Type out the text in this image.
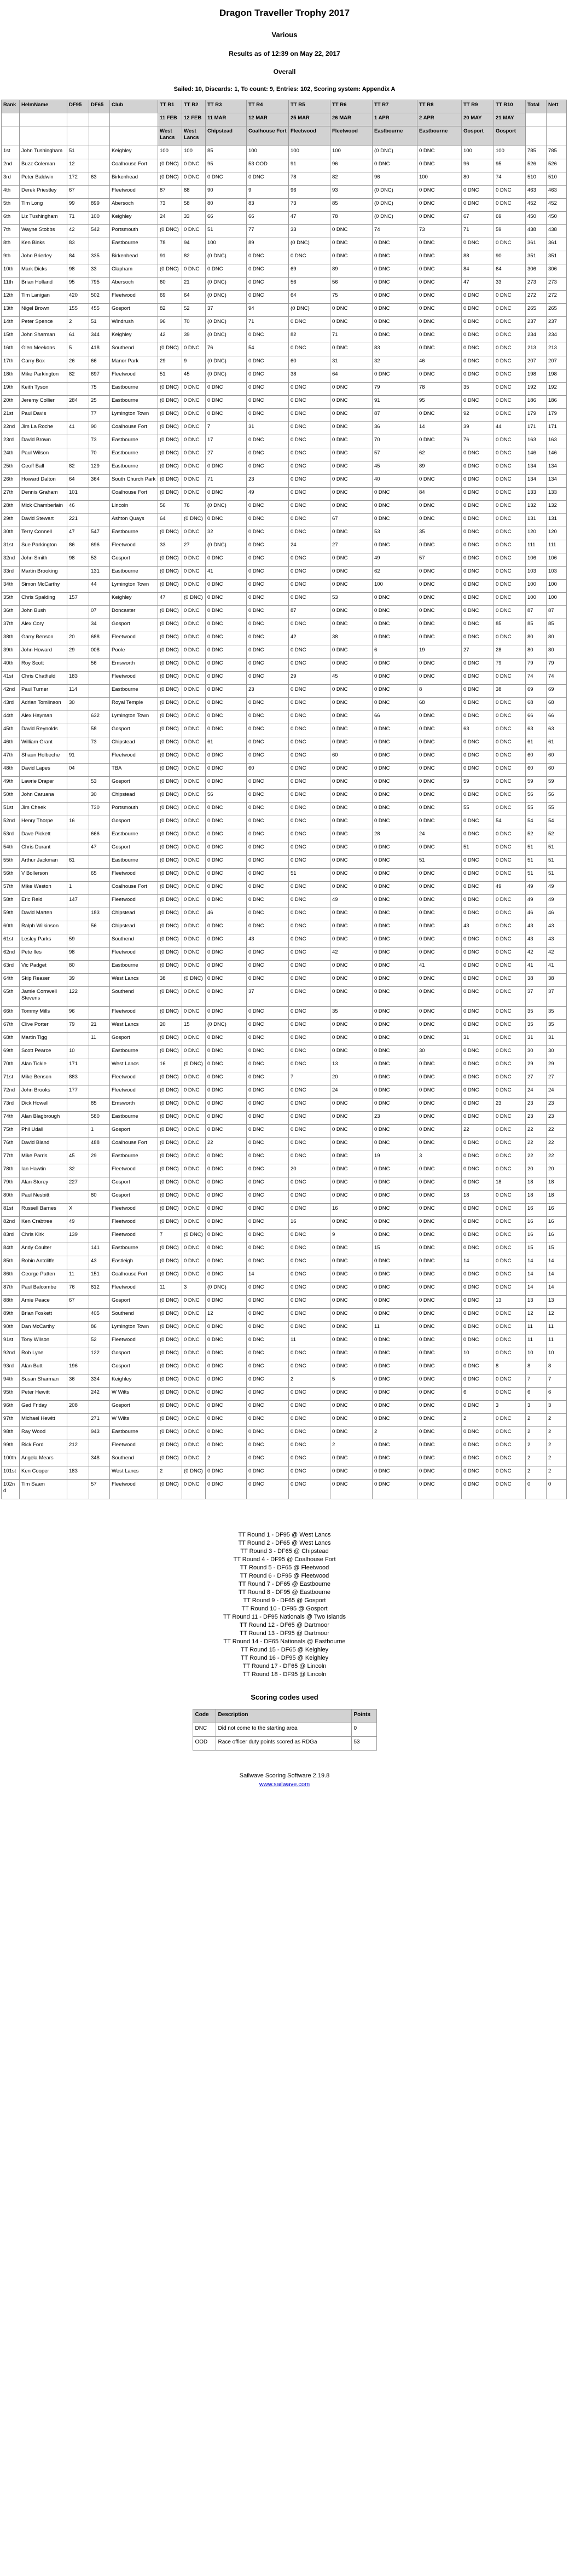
Dragon Traveller Trophy 2017
Various
Results as of 12:39 on May 22, 2017
Overall
Sailed: 10, Discards: 1, To count: 9, Entries: 102, Scoring system: Appendix A
Rank	HelmName	DF95	DF65	Club	TT R1	TT R2	TT R3	TT R4	TT R5	TT R6	TT R7	TT R8	TT R9	TT R10	Total	Nett
					11 FEB	12 FEB	11 MAR	12 MAR	25 MAR	26 MAR	1 APR	2 APR	20 MAY	21 MAY		
					West Lancs	West Lancs	Chipstead	Coalhouse Fort	Fleetwood	Fleetwood	Eastbourne	Eastbourne	Gosport	Gosport		
1st	John Tushingham	51		Keighley	100	100	85	100	100	100	(0 DNC)	0 DNC	100	100	785	785
2nd	Buzz Coleman	12		Coalhouse Fort	(0 DNC)	0 DNC	95	53 OOD	91	96	0 DNC	0 DNC	96	95	526	526
3rd	Peter Baldwin	172	63	Birkenhead	(0 DNC)	0 DNC	0 DNC	0 DNC	78	82	96	100	80	74	510	510
4th	Derek Priestley	67		Fleetwood	87	88	90	9	96	93	(0 DNC)	0 DNC	0 DNC	0 DNC	463	463
5th	Tim Long	99	899	Abersoch	73	58	80	83	73	85	(0 DNC)	0 DNC	0 DNC	0 DNC	452	452
6th	Liz Tushingham	71	100	Keighley	24	33	66	66	47	78	(0 DNC)	0 DNC	67	69	450	450
7th	Wayne Stobbs	42	542	Portsmouth	(0 DNC)	0 DNC	51	77	33	0 DNC	74	73	71	59	438	438
8th	Ken Binks	83		Eastbourne	78	94	100	89	(0 DNC)	0 DNC	0 DNC	0 DNC	0 DNC	0 DNC	361	361
9th	John Brierley	84	335	Birkenhead	91	82	(0 DNC)	0 DNC	0 DNC	0 DNC	0 DNC	0 DNC	88	90	351	351
10th	Mark Dicks	98	33	Clapham	(0 DNC)	0 DNC	0 DNC	0 DNC	69	89	0 DNC	0 DNC	84	64	306	306
11th	Brian Holland	95	795	Abersoch	60	21	(0 DNC)	0 DNC	56	56	0 DNC	0 DNC	47	33	273	273
12th	Tim Lanigan	420	502	Fleetwood	69	64	(0 DNC)	0 DNC	64	75	0 DNC	0 DNC	0 DNC	0 DNC	272	272
13th	Nigel Brown	155	455	Gosport	82	52	37	94	(0 DNC)	0 DNC	0 DNC	0 DNC	0 DNC	0 DNC	265	265
14th	Peter Spence	2	51	Windrush	96	70	(0 DNC)	71	0 DNC	0 DNC	0 DNC	0 DNC	0 DNC	0 DNC	237	237
15th	John Sharman	61	344	Keighley	42	39	(0 DNC)	0 DNC	82	71	0 DNC	0 DNC	0 DNC	0 DNC	234	234
16th	Glen Meekons	5	418	Southend	(0 DNC)	0 DNC	76	54	0 DNC	0 DNC	83	0 DNC	0 DNC	0 DNC	213	213
17th	Garry Box	26	66	Manor Park	29	9	(0 DNC)	0 DNC	60	31	32	46	0 DNC	0 DNC	207	207
18th	Mike Parkington	82	697	Fleetwood	51	45	(0 DNC)	0 DNC	38	64	0 DNC	0 DNC	0 DNC	0 DNC	198	198
19th	Keith Tyson		75	Eastbourne	(0 DNC)	0 DNC	0 DNC	0 DNC	0 DNC	0 DNC	79	78	35	0 DNC	192	192
20th	Jeremy Collier	284	25	Eastbourne	(0 DNC)	0 DNC	0 DNC	0 DNC	0 DNC	0 DNC	91	95	0 DNC	0 DNC	186	186
21st	Paul Davis		77	Lymington Town	(0 DNC)	0 DNC	0 DNC	0 DNC	0 DNC	0 DNC	87	0 DNC	92	0 DNC	179	179
22nd	Jim La Roche	41	90	Coalhouse Fort	(0 DNC)	0 DNC	7	31	0 DNC	0 DNC	36	14	39	44	171	171
23rd	David Brown		73	Eastbourne	(0 DNC)	0 DNC	17	0 DNC	0 DNC	0 DNC	70	0 DNC	76	0 DNC	163	163
24th	Paul Wilson		70	Eastbourne	(0 DNC)	0 DNC	27	0 DNC	0 DNC	0 DNC	57	62	0 DNC	0 DNC	146	146
25th	Geoff Ball	82	129	Eastbourne	(0 DNC)	0 DNC	0 DNC	0 DNC	0 DNC	0 DNC	45	89	0 DNC	0 DNC	134	134
26th	Howard Dalton	64	364	South Church Park	(0 DNC)	0 DNC	71	23	0 DNC	0 DNC	40	0 DNC	0 DNC	0 DNC	134	134
27th	Dennis Graham	101		Coalhouse Fort	(0 DNC)	0 DNC	0 DNC	49	0 DNC	0 DNC	0 DNC	84	0 DNC	0 DNC	133	133
28th	Mick Chamberlain	46		Lincoln	56	76	(0 DNC)	0 DNC	0 DNC	0 DNC	0 DNC	0 DNC	0 DNC	0 DNC	132	132
29th	David Stewart	221		Ashton Quays	64	(0 DNC)	0 DNC	0 DNC	0 DNC	67	0 DNC	0 DNC	0 DNC	0 DNC	131	131
30th	Terry Connell	47	547	Eastbourne	(0 DNC)	0 DNC	32	0 DNC	0 DNC	0 DNC	53	35	0 DNC	0 DNC	120	120
31st	Sue Parkington	86	696	Fleetwood	33	27	(0 DNC)	0 DNC	24	27	0 DNC	0 DNC	0 DNC	0 DNC	111	111
32nd	John Smith	98	53	Gosport	(0 DNC)	0 DNC	0 DNC	0 DNC	0 DNC	0 DNC	49	57	0 DNC	0 DNC	106	106
33rd	Martin Brooking		131	Eastbourne	(0 DNC)	0 DNC	41	0 DNC	0 DNC	0 DNC	62	0 DNC	0 DNC	0 DNC	103	103
34th	Simon McCarthy		44	Lymington Town	(0 DNC)	0 DNC	0 DNC	0 DNC	0 DNC	0 DNC	100	0 DNC	0 DNC	0 DNC	100	100
35th	Chris Spalding	157		Keighley	47	(0 DNC)	0 DNC	0 DNC	0 DNC	53	0 DNC	0 DNC	0 DNC	0 DNC	100	100
36th	John Bush		07	Doncaster	(0 DNC)	0 DNC	0 DNC	0 DNC	87	0 DNC	0 DNC	0 DNC	0 DNC	0 DNC	87	87
37th	Alex Cory		34	Gosport	(0 DNC)	0 DNC	0 DNC	0 DNC	0 DNC	0 DNC	0 DNC	0 DNC	0 DNC	85	85	85
38th	Garry Benson	20	688	Fleetwood	(0 DNC)	0 DNC	0 DNC	0 DNC	42	38	0 DNC	0 DNC	0 DNC	0 DNC	80	80
39th	John Howard	29	008	Poole	(0 DNC)	0 DNC	0 DNC	0 DNC	0 DNC	0 DNC	6	19	27	28	80	80
40th	Roy Scott		56	Emsworth	(0 DNC)	0 DNC	0 DNC	0 DNC	0 DNC	0 DNC	0 DNC	0 DNC	0 DNC	79	79	79
41st	Chris Chatfield	183		Fleetwood	(0 DNC)	0 DNC	0 DNC	0 DNC	29	45	0 DNC	0 DNC	0 DNC	0 DNC	74	74
42nd	Paul Turner	114		Eastbourne	(0 DNC)	0 DNC	0 DNC	23	0 DNC	0 DNC	0 DNC	8	0 DNC	38	69	69
43rd	Adrian Tomlinson	30		Royal Temple	(0 DNC)	0 DNC	0 DNC	0 DNC	0 DNC	0 DNC	0 DNC	68	0 DNC	0 DNC	68	68
44th	Alex Hayman		632	Lymington Town	(0 DNC)	0 DNC	0 DNC	0 DNC	0 DNC	0 DNC	66	0 DNC	0 DNC	0 DNC	66	66
45th	David Reynolds		58	Gosport	(0 DNC)	0 DNC	0 DNC	0 DNC	0 DNC	0 DNC	0 DNC	0 DNC	63	0 DNC	63	63
46th	William Grant		73	Chipstead	(0 DNC)	0 DNC	61	0 DNC	0 DNC	0 DNC	0 DNC	0 DNC	0 DNC	0 DNC	61	61
47th	Shaun Holbeche	91		Fleetwood	(0 DNC)	0 DNC	0 DNC	0 DNC	0 DNC	60	0 DNC	0 DNC	0 DNC	0 DNC	60	60
48th	David Lapes	04		TBA	(0 DNC)	0 DNC	0 DNC	60	0 DNC	0 DNC	0 DNC	0 DNC	0 DNC	0 DNC	60	60
49th	Lawrie Draper		53	Gosport	(0 DNC)	0 DNC	0 DNC	0 DNC	0 DNC	0 DNC	0 DNC	0 DNC	59	0 DNC	59	59
50th	John Caruana		30	Chipstead	(0 DNC)	0 DNC	56	0 DNC	0 DNC	0 DNC	0 DNC	0 DNC	0 DNC	0 DNC	56	56
51st	Jim Cheek		730	Portsmouth	(0 DNC)	0 DNC	0 DNC	0 DNC	0 DNC	0 DNC	0 DNC	0 DNC	55	0 DNC	55	55
52nd	Henry Thorpe	16		Gosport	(0 DNC)	0 DNC	0 DNC	0 DNC	0 DNC	0 DNC	0 DNC	0 DNC	0 DNC	54	54	54
53rd	Dave Pickett		666	Eastbourne	(0 DNC)	0 DNC	0 DNC	0 DNC	0 DNC	0 DNC	28	24	0 DNC	0 DNC	52	52
54th	Chris Durant		47	Gosport	(0 DNC)	0 DNC	0 DNC	0 DNC	0 DNC	0 DNC	0 DNC	0 DNC	51	0 DNC	51	51
55th	Arthur Jackman	61		Eastbourne	(0 DNC)	0 DNC	0 DNC	0 DNC	0 DNC	0 DNC	0 DNC	51	0 DNC	0 DNC	51	51
56th	V Bollerson		65	Fleetwood	(0 DNC)	0 DNC	0 DNC	0 DNC	51	0 DNC	0 DNC	0 DNC	0 DNC	0 DNC	51	51
57th	Mike Weston	1		Coalhouse Fort	(0 DNC)	0 DNC	0 DNC	0 DNC	0 DNC	0 DNC	0 DNC	0 DNC	0 DNC	49	49	49
58th	Eric Reid	147		Fleetwood	(0 DNC)	0 DNC	0 DNC	0 DNC	0 DNC	49	0 DNC	0 DNC	0 DNC	0 DNC	49	49
59th	David Marten		183	Chipstead	(0 DNC)	0 DNC	46	0 DNC	0 DNC	0 DNC	0 DNC	0 DNC	0 DNC	0 DNC	46	46
60th	Ralph Wilkinson		56	Chipstead	(0 DNC)	0 DNC	0 DNC	0 DNC	0 DNC	0 DNC	0 DNC	0 DNC	43	0 DNC	43	43
61st	Lesley Parks	59		Southend	(0 DNC)	0 DNC	0 DNC	43	0 DNC	0 DNC	0 DNC	0 DNC	0 DNC	0 DNC	43	43
62nd	Pete Iles	98		Fleetwood	(0 DNC)	0 DNC	0 DNC	0 DNC	0 DNC	42	0 DNC	0 DNC	0 DNC	0 DNC	42	42
63rd	Vic Padget	80		Eastbourne	(0 DNC)	0 DNC	0 DNC	0 DNC	0 DNC	0 DNC	0 DNC	41	0 DNC	0 DNC	41	41
64th	Skip Reaser	39		West Lancs	38	(0 DNC)	0 DNC	0 DNC	0 DNC	0 DNC	0 DNC	0 DNC	0 DNC	0 DNC	38	38
65th	Jamie Cornwell Stevens	122		Southend	(0 DNC)	0 DNC	0 DNC	37	0 DNC	0 DNC	0 DNC	0 DNC	0 DNC	0 DNC	37	37
66th	Tommy Mills	96		Fleetwood	(0 DNC)	0 DNC	0 DNC	0 DNC	0 DNC	35	0 DNC	0 DNC	0 DNC	0 DNC	35	35
67th	Clive Porter	79	21	West Lancs	20	15	(0 DNC)	0 DNC	0 DNC	0 DNC	0 DNC	0 DNC	0 DNC	0 DNC	35	35
68th	Martin Tigg		11	Gosport	(0 DNC)	0 DNC	0 DNC	0 DNC	0 DNC	0 DNC	0 DNC	0 DNC	31	0 DNC	31	31
69th	Scott Pearce	10		Eastbourne	(0 DNC)	0 DNC	0 DNC	0 DNC	0 DNC	0 DNC	0 DNC	30	0 DNC	0 DNC	30	30
70th	Alan Tickle	171		West Lancs	16	(0 DNC)	0 DNC	0 DNC	0 DNC	13	0 DNC	0 DNC	0 DNC	0 DNC	29	29
71st	Mike Benson	883		Fleetwood	(0 DNC)	0 DNC	0 DNC	0 DNC	7	20	0 DNC	0 DNC	0 DNC	0 DNC	27	27
72nd	John Brooks	177		Fleetwood	(0 DNC)	0 DNC	0 DNC	0 DNC	0 DNC	24	0 DNC	0 DNC	0 DNC	0 DNC	24	24
73rd	Dick Howell		85	Emsworth	(0 DNC)	0 DNC	0 DNC	0 DNC	0 DNC	0 DNC	0 DNC	0 DNC	0 DNC	23	23	23
74th	Alan Blagbrough		580	Eastbourne	(0 DNC)	0 DNC	0 DNC	0 DNC	0 DNC	0 DNC	23	0 DNC	0 DNC	0 DNC	23	23
75th	Phil Udall		1	Gosport	(0 DNC)	0 DNC	0 DNC	0 DNC	0 DNC	0 DNC	0 DNC	0 DNC	22	0 DNC	22	22
76th	David Bland		488	Coalhouse Fort	(0 DNC)	0 DNC	22	0 DNC	0 DNC	0 DNC	0 DNC	0 DNC	0 DNC	0 DNC	22	22
77th	Mike Parris	45	29	Eastbourne	(0 DNC)	0 DNC	0 DNC	0 DNC	0 DNC	0 DNC	19	3	0 DNC	0 DNC	22	22
78th	Ian Hawtin	32		Fleetwood	(0 DNC)	0 DNC	0 DNC	0 DNC	20	0 DNC	0 DNC	0 DNC	0 DNC	0 DNC	20	20
79th	Alan Storey	227		Gosport	(0 DNC)	0 DNC	0 DNC	0 DNC	0 DNC	0 DNC	0 DNC	0 DNC	0 DNC	18	18	18
80th	Paul Nesbitt		80	Gosport	(0 DNC)	0 DNC	0 DNC	0 DNC	0 DNC	0 DNC	0 DNC	0 DNC	18	0 DNC	18	18
81st	Russell Barnes	X		Fleetwood	(0 DNC)	0 DNC	0 DNC	0 DNC	0 DNC	16	0 DNC	0 DNC	0 DNC	0 DNC	16	16
82nd	Ken Crabtree	49		Fleetwood	(0 DNC)	0 DNC	0 DNC	0 DNC	16	0 DNC	0 DNC	0 DNC	0 DNC	0 DNC	16	16
83rd	Chris Kirk	139		Fleetwood	7	(0 DNC)	0 DNC	0 DNC	0 DNC	9	0 DNC	0 DNC	0 DNC	0 DNC	16	16
84th	Andy Coulter		141	Eastbourne	(0 DNC)	0 DNC	0 DNC	0 DNC	0 DNC	0 DNC	15	0 DNC	0 DNC	0 DNC	15	15
85th	Robin Antcliffe		43	Eastleigh	(0 DNC)	0 DNC	0 DNC	0 DNC	0 DNC	0 DNC	0 DNC	0 DNC	14	0 DNC	14	14
86th	George Patten	11	151	Coalhouse Fort	(0 DNC)	0 DNC	0 DNC	14	0 DNC	0 DNC	0 DNC	0 DNC	0 DNC	0 DNC	14	14
87th	Paul Balcombe	76	812	Fleetwood	11	3	(0 DNC)	0 DNC	0 DNC	0 DNC	0 DNC	0 DNC	0 DNC	0 DNC	14	14
88th	Arnie Peace	67		Gosport	(0 DNC)	0 DNC	0 DNC	0 DNC	0 DNC	0 DNC	0 DNC	0 DNC	0 DNC	13	13	13
89th	Brian Foskett		405	Southend	(0 DNC)	0 DNC	12	0 DNC	0 DNC	0 DNC	0 DNC	0 DNC	0 DNC	0 DNC	12	12
90th	Dan McCarthy		86	Lymington Town	(0 DNC)	0 DNC	0 DNC	0 DNC	0 DNC	0 DNC	11	0 DNC	0 DNC	0 DNC	11	11
91st	Tony Wilson		52	Fleetwood	(0 DNC)	0 DNC	0 DNC	0 DNC	11	0 DNC	0 DNC	0 DNC	0 DNC	0 DNC	11	11
92nd	Rob Lyne		122	Gosport	(0 DNC)	0 DNC	0 DNC	0 DNC	0 DNC	0 DNC	0 DNC	0 DNC	10	0 DNC	10	10
93rd	Alan Butt	196		Gosport	(0 DNC)	0 DNC	0 DNC	0 DNC	0 DNC	0 DNC	0 DNC	0 DNC	0 DNC	8	8	8
94th	Susan Sharman	36	334	Keighley	(0 DNC)	0 DNC	0 DNC	0 DNC	2	5	0 DNC	0 DNC	0 DNC	0 DNC	7	7
95th	Peter Hewitt		242	W Wilts	(0 DNC)	0 DNC	0 DNC	0 DNC	0 DNC	0 DNC	0 DNC	0 DNC	6	0 DNC	6	6
96th	Ged Friday	208		Gosport	(0 DNC)	0 DNC	0 DNC	0 DNC	0 DNC	0 DNC	0 DNC	0 DNC	0 DNC	3	3	3
97th	Michael Hewitt		271	W Wilts	(0 DNC)	0 DNC	0 DNC	0 DNC	0 DNC	0 DNC	0 DNC	0 DNC	2	0 DNC	2	2
98th	Ray Wood		943	Eastbourne	(0 DNC)	0 DNC	0 DNC	0 DNC	0 DNC	0 DNC	2	0 DNC	0 DNC	0 DNC	2	2
99th	Rick Ford	212		Fleetwood	(0 DNC)	0 DNC	0 DNC	0 DNC	0 DNC	2	0 DNC	0 DNC	0 DNC	0 DNC	2	2
100th	Angela Mears		348	Southend	(0 DNC)	0 DNC	2	0 DNC	0 DNC	0 DNC	0 DNC	0 DNC	0 DNC	0 DNC	2	2
101st	Ken Cooper	183		West Lancs	2	(0 DNC)	0 DNC	0 DNC	0 DNC	0 DNC	0 DNC	0 DNC	0 DNC	0 DNC	2	2
102nd	Tim Saam		57	Fleetwood	(0 DNC)	0 DNC	0 DNC	0 DNC	0 DNC	0 DNC	0 DNC	0 DNC	0 DNC	0 DNC	0	0
TT Round 1 - DF95 @ West Lancs
TT Round 2 - DF65 @ West Lancs
TT Round 3 - DF65 @ Chipstead
TT Round 4 - DF95 @ Coalhouse Fort
TT Round 5 - DF65 @ Fleetwood
TT Round 6 - DF95 @ Fleetwood
TT Round 7 - DF65 @ Eastbourne
TT Round 8 - DF95 @ Eastbourne
TT Round 9 - DF65 @ Gosport
TT Round 10 - DF95 @ Gosport
TT Round 11 - DF95 Nationals @ Two Islands
TT Round 12 - DF65 @ Dartmoor
TT Round 13 - DF95 @ Dartmoor
TT Round 14 - DF65 Nationals @ Eastbourne
TT Round 15 - DF65 @ Keighley
TT Round 16 - DF95 @ Keighley
TT Round 17 - DF65 @ Lincoln
TT Round 18 - DF95 @ Lincoln
Scoring codes used
Code	Description	Points
DNC	Did not come to the starting area	0
OOD	Race officer duty points scored as RDGa	53
Sailwave Scoring Software 2.19.8
www.sailwave.com
